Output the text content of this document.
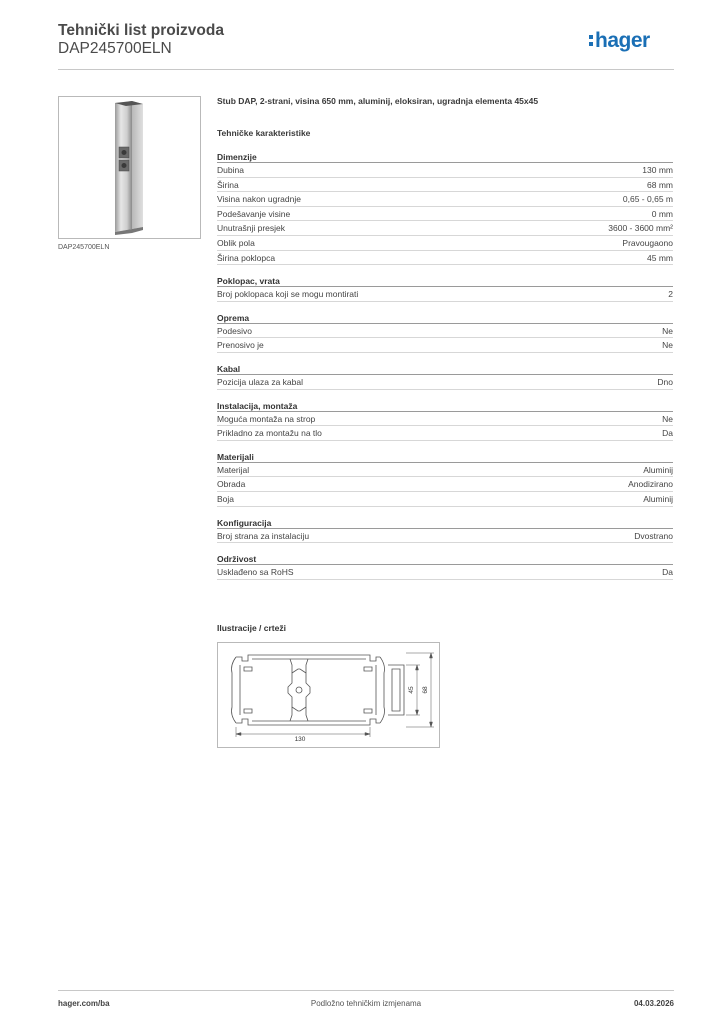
Tehnički list proizvoda
DAP245700ELN	hager
DAP245700ELN
Stub DAP, 2-strani, visina 650 mm, aluminij, eloksiran, ugradnja elementa 45x45
Tehničke karakteristike
Dimenzije
Dubina	130 mm
Širina	68 mm
Visina nakon ugradnje	0,65 - 0,65 m
Podešavanje visine	0 mm
Unutrašnji presjek	3600 - 3600 mm²
Oblik pola	Pravougaono
Širina poklopca	45 mm
Poklopac, vrata
Broj poklopaca koji se mogu montirati	2
Oprema
Podesivo	Ne
Prenosivo je	Ne
Kabal
Pozicija ulaza za kabal	Dno
Instalacija, montaža
Moguća montaža na strop	Ne
Prikladno za montažu na tlo	Da
Materijali
Materijal	Aluminij
Obrada	Anodizirano
Boja	Aluminij
Konfiguracija
Broj strana za instalaciju	Dvostrano
Održivost
Usklađeno sa RoHS	Da
Ilustracije / crteži
130
45 68
hager.com/ba	Podložno tehničkim izmjenama	04.03.2026
